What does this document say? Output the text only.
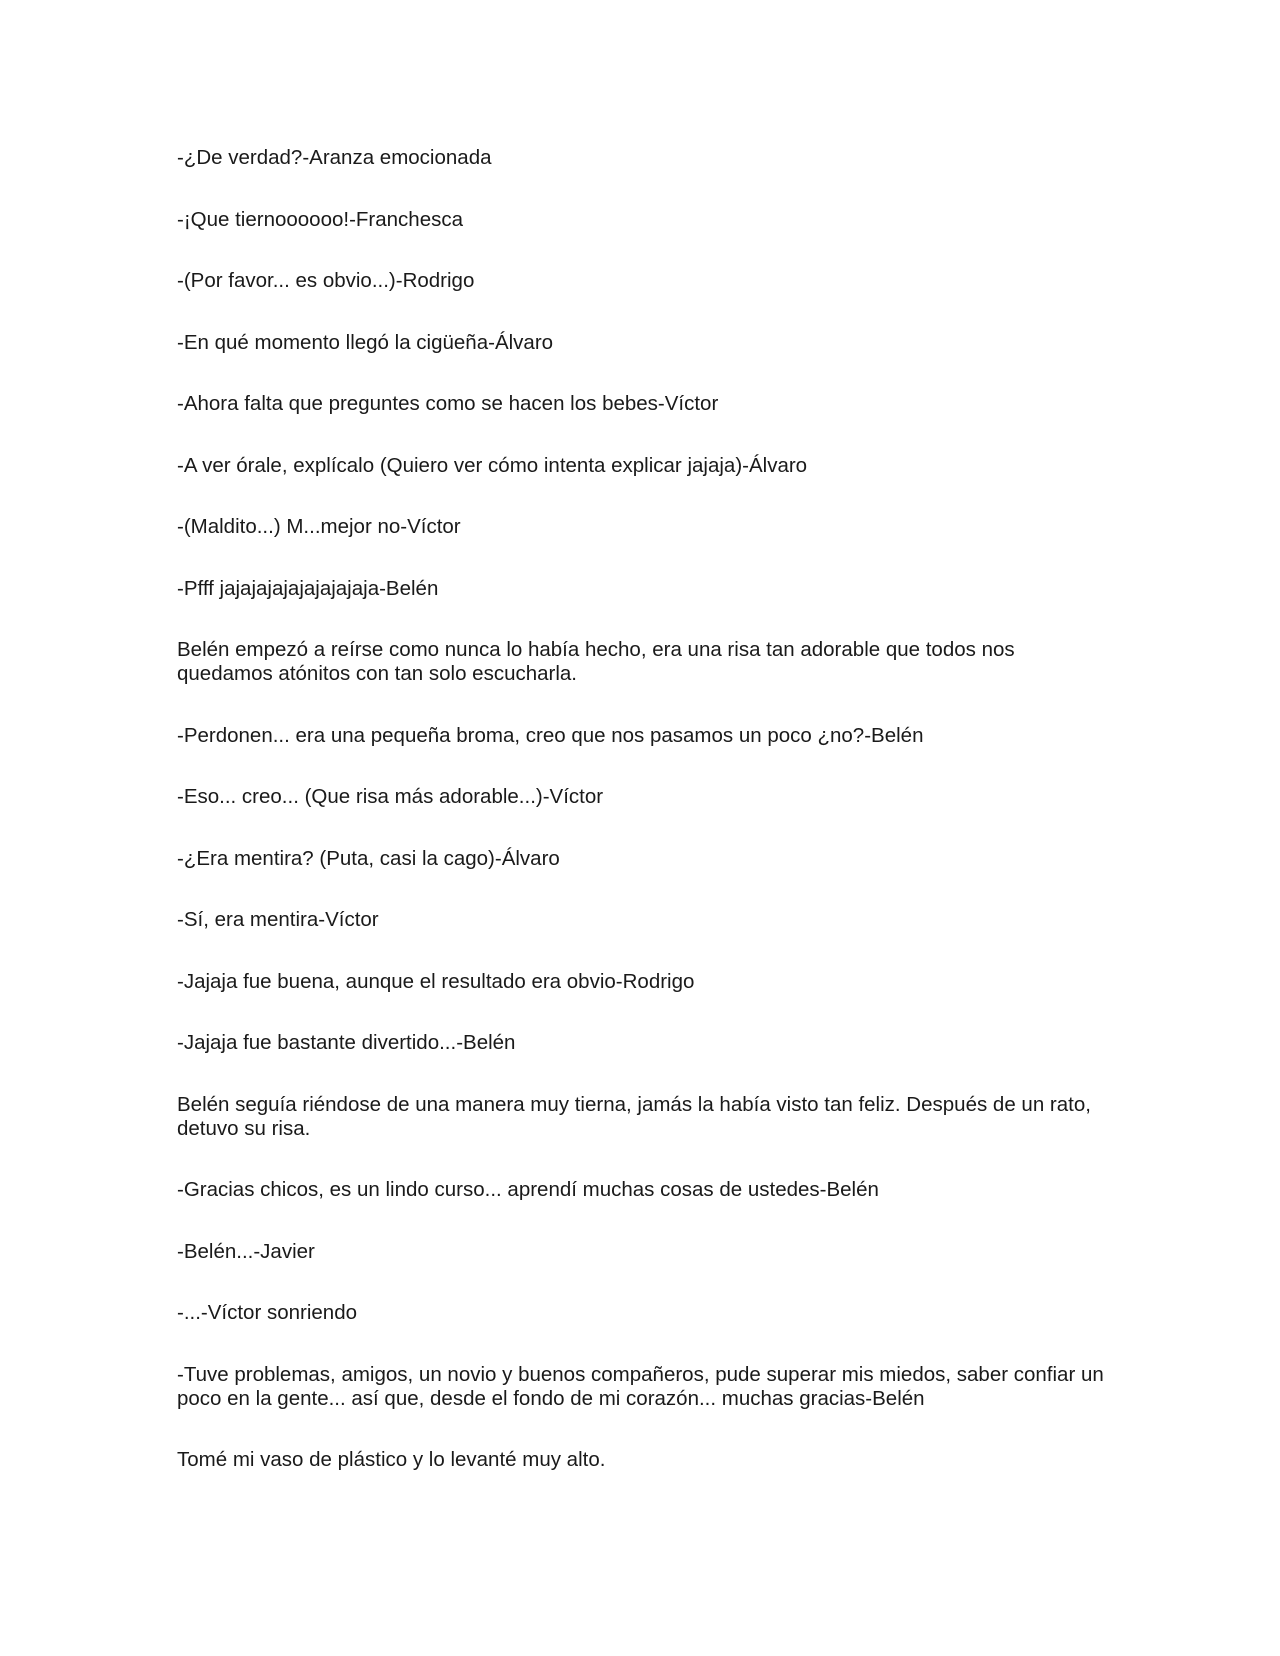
-¿De verdad?-Aranza emocionada

-¡Que tiernoooooo!-Franchesca

-(Por favor... es obvio...)-Rodrigo

-En qué momento llegó la cigüeña-Álvaro

-Ahora falta que preguntes como se hacen los bebes-Víctor

-A ver órale, explícalo (Quiero ver cómo intenta explicar jajaja)-Álvaro

-(Maldito...) M...mejor no-Víctor

-Pfff jajajajajajajajajaja-Belén

Belén empezó a reírse como nunca lo había hecho, era una risa tan adorable que todos nos quedamos atónitos con tan solo escucharla.

-Perdonen... era una pequeña broma, creo que nos pasamos un poco ¿no?-Belén

-Eso... creo... (Que risa más adorable...)-Víctor

-¿Era mentira? (Puta, casi la cago)-Álvaro

-Sí, era mentira-Víctor

-Jajaja fue buena, aunque el resultado era obvio-Rodrigo

-Jajaja fue bastante divertido...-Belén

Belén seguía riéndose de una manera muy tierna, jamás la había visto tan feliz. Después de un rato, detuvo su risa.

-Gracias chicos, es un lindo curso... aprendí muchas cosas de ustedes-Belén

-Belén...-Javier

-...-Víctor sonriendo

-Tuve problemas, amigos, un novio y buenos compañeros, pude superar mis miedos, saber confiar un poco en la gente... así que, desde el fondo de mi corazón... muchas gracias-Belén

Tomé mi vaso de plástico y lo levanté muy alto.
